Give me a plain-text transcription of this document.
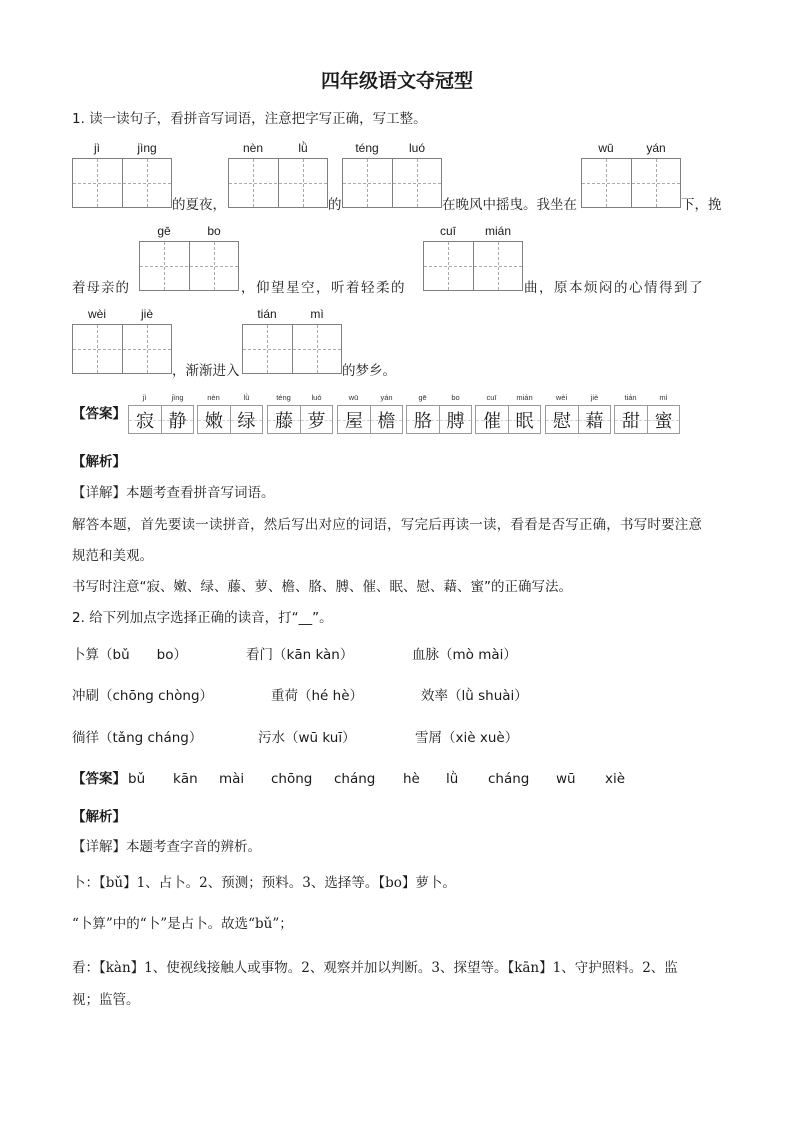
四年级语文夺冠型
1. 读一读句子，看拼音写词语，注意把字写正确，写工整。
jì	jìng	nèn	lǜ	téng	luó	wū	yán
的夏夜，	的	在晚风中摇曳。我坐在	下，挽
gē	bo	cuī	mián
着母亲的	，仰望星空，听着轻柔的	曲，原本烦闷的心情得到了
wèi	jiè	tián	mì
，渐渐进入	的梦乡。
【答案】
jì	jìng	nèn	lǜ	téng	luó	wū	yán	gē	bo	cuī	mián	wèi	jiè	tián	mì
寂 静	嫩 绿	藤 萝	屋 檐	胳 膊	催 眠	慰 藉	甜 蜜
【解析】
【详解】本题考查看拼音写词语。
解答本题，首先要读一读拼音，然后写出对应的词语，写完后再读一读，看看是否写正确，书写时要注意
规范和美观。
书写时注意“寂、嫩、绿、藤、萝、檐、胳、膊、催、眠、慰、藉、蜜”的正确写法。
2. 给下列加点字选择正确的读音，打“__”。
卜算（bǔ　　bo）	看门（kān kàn）	血脉（mò mài）
冲刷（chōng chòng）	重荷（hé hè）	效率（lǜ shuài）
徜徉（tǎng cháng）	污水（wū kuī）	雪屑（xiè xuè）
【答案】 bǔ kān mài chōng cháng hè lǜ cháng wū xiè
【解析】
【详解】本题考查字音的辨析。
卜：【bǔ】1、占卜。2、预测；预料。3、选择等。【bo】萝卜。
“卜算”中的“卜”是占卜。故选“bǔ”；
看：【kàn】1、使视线接触人或事物。2、观察并加以判断。3、探望等。【kān】1、守护照料。2、监
视；监管。
